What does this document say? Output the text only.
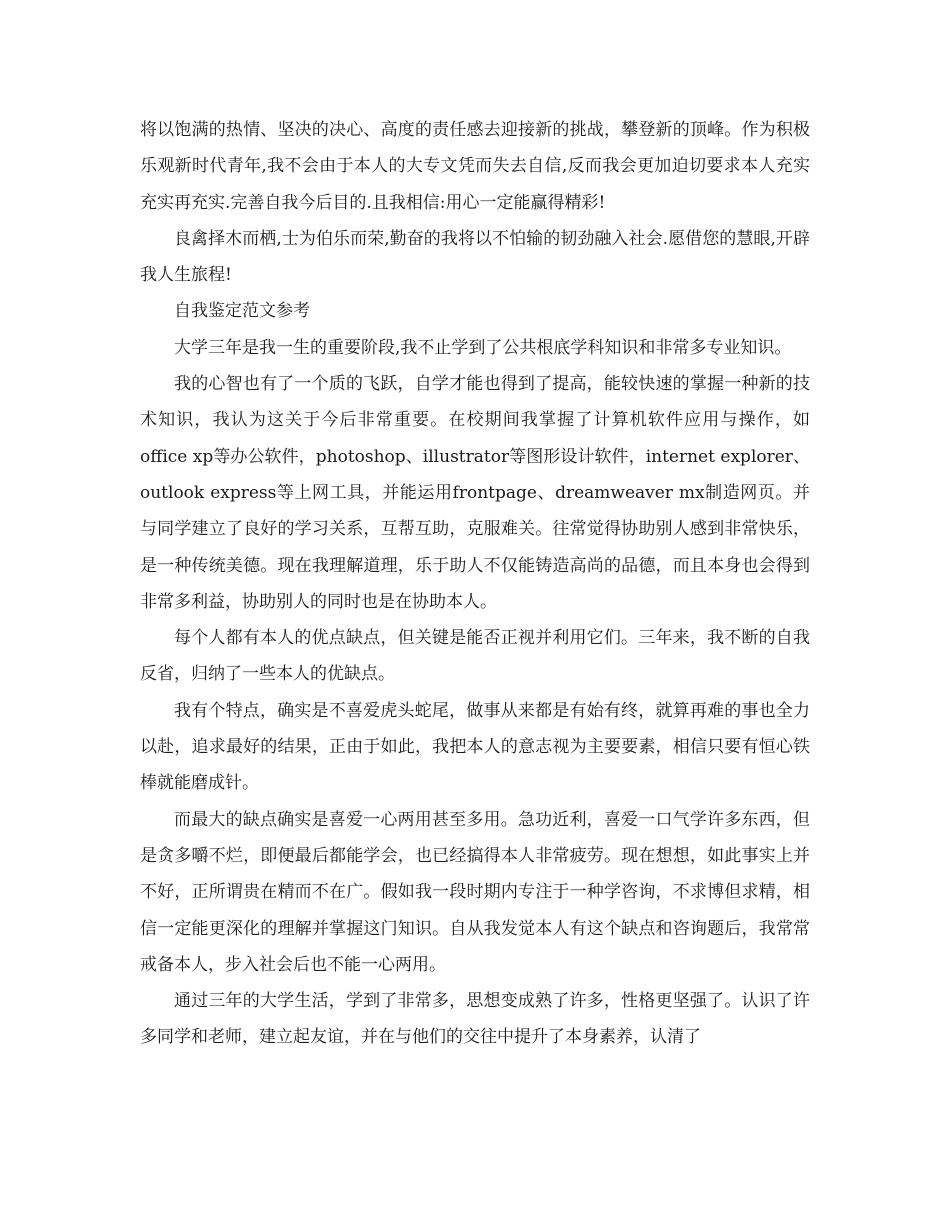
将以饱满的热情、坚决的决心、高度的责任感去迎接新的挑战，攀登新的顶峰。作为积极乐观新时代青年,我不会由于本人的大专文凭而失去自信,反而我会更加迫切要求本人充实充实再充实.完善自我今后目的.且我相信:用心一定能赢得精彩!

良禽择木而栖,士为伯乐而荣,勤奋的我将以不怕输的韧劲融入社会.愿借您的慧眼,开辟我人生旅程!

自我鉴定范文参考

大学三年是我一生的重要阶段,我不止学到了公共根底学科知识和非常多专业知识。

我的心智也有了一个质的飞跃，自学才能也得到了提高，能较快速的掌握一种新的技术知识，我认为这关于今后非常重要。在校期间我掌握了计算机软件应用与操作，如office xp等办公软件，photoshop、illustrator等图形设计软件，internet explorer、outlook express等上网工具，并能运用frontpage、dreamweaver mx制造网页。并与同学建立了良好的学习关系，互帮互助，克服难关。往常觉得协助别人感到非常快乐，是一种传统美德。现在我理解道理，乐于助人不仅能铸造高尚的品德，而且本身也会得到非常多利益，协助别人的同时也是在协助本人。

每个人都有本人的优点缺点，但关键是能否正视并利用它们。三年来，我不断的自我反省，归纳了一些本人的优缺点。

我有个特点，确实是不喜爱虎头蛇尾，做事从来都是有始有终，就算再难的事也全力以赴，追求最好的结果，正由于如此，我把本人的意志视为主要要素，相信只要有恒心铁棒就能磨成针。

而最大的缺点确实是喜爱一心两用甚至多用。急功近利，喜爱一口气学许多东西，但是贪多嚼不烂，即便最后都能学会，也已经搞得本人非常疲劳。现在想想，如此事实上并不好，正所谓贵在精而不在广。假如我一段时期内专注于一种学咨询，不求博但求精，相信一定能更深化的理解并掌握这门知识。自从我发觉本人有这个缺点和咨询题后，我常常戒备本人，步入社会后也不能一心两用。

通过三年的大学生活，学到了非常多，思想变成熟了许多，性格更坚强了。认识了许多同学和老师，建立起友谊，并在与他们的交往中提升了本身素养，认清了
